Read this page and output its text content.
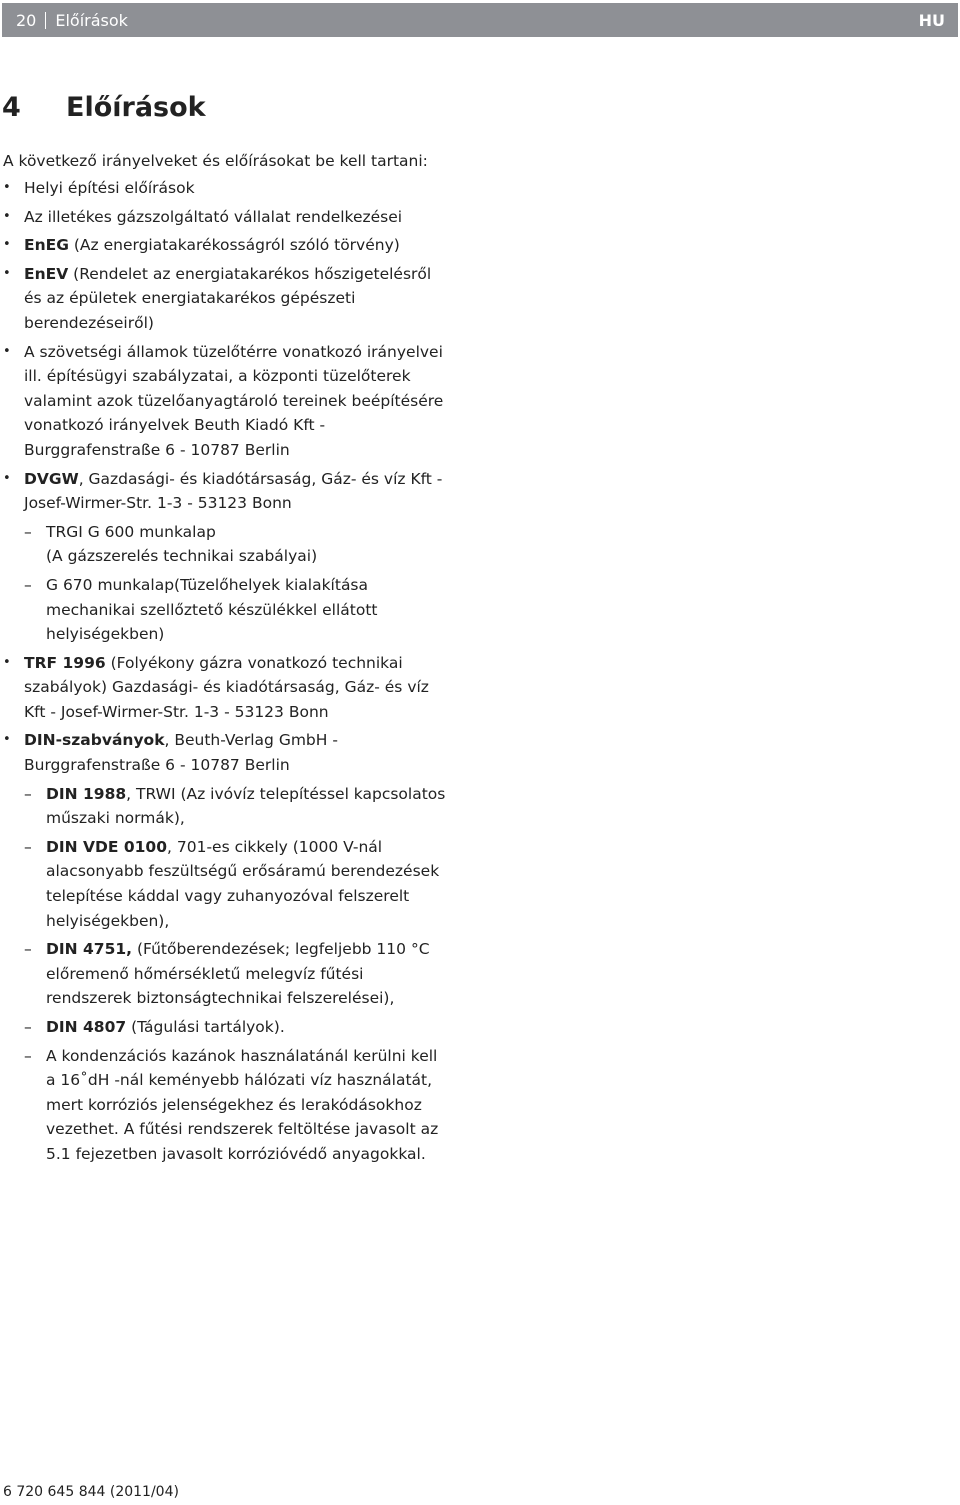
20 Előírások	HU
4 Előírások

A következő irányelveket és előírásokat be kell tartani:

• Helyi építési előírások
• Az illetékes gázszolgáltató vállalat rendelkezései
• EnEG (Az energiatakarékosságról szóló törvény)
• EnEV (Rendelet az energiatakarékos hőszigetelésről
és az épületek energiatakarékos gépészeti
berendezéseiről)
• A szövetségi államok tüzelőtérre vonatkozó irányelvei
ill. építésügyi szabályzatai, a központi tüzelőterek
valamint azok tüzelőanyagtároló tereinek beépítésére
vonatkozó irányelvek Beuth Kiadó Kft -
Burggrafenstraße 6 - 10787 Berlin
• DVGW, Gazdasági- és kiadótársaság, Gáz- és víz Kft -
Josef-Wirmer-Str. 1-3 - 53123 Bonn
– TRGI G 600 munkalap
(A gázszerelés technikai szabályai)
– G 670 munkalap(Tüzelőhelyek kialakítása
mechanikai szellőztető készülékkel ellátott
helyiségekben)
• TRF 1996 (Folyékony gázra vonatkozó technikai
szabályok) Gazdasági- és kiadótársaság, Gáz- és víz
Kft - Josef-Wirmer-Str. 1-3 - 53123 Bonn
• DIN-szabványok, Beuth-Verlag GmbH -
Burggrafenstraße 6 - 10787 Berlin
– DIN 1988, TRWI (Az ivóvíz telepítéssel kapcsolatos
műszaki normák),
– DIN VDE 0100, 701-es cikkely (1000 V-nál
alacsonyabb feszültségű erősáramú berendezések
telepítése káddal vagy zuhanyozóval felszerelt
helyiségekben),
– DIN 4751, (Fűtőberendezések; legfeljebb 110 °C
előremenő hőmérsékletű melegvíz fűtési
rendszerek biztonságtechnikai felszerelései),
– DIN 4807 (Tágulási tartályok).
– A kondenzációs kazánok használatánál kerülni kell
a 16˚dH -nál keményebb hálózati víz használatát,
mert korróziós jelenségekhez és lerakódásokhoz
vezethet. A fűtési rendszerek feltöltése javasolt az
5.1 fejezetben javasolt korrózióvédő anyagokkal.
6 720 645 844 (2011/04)
